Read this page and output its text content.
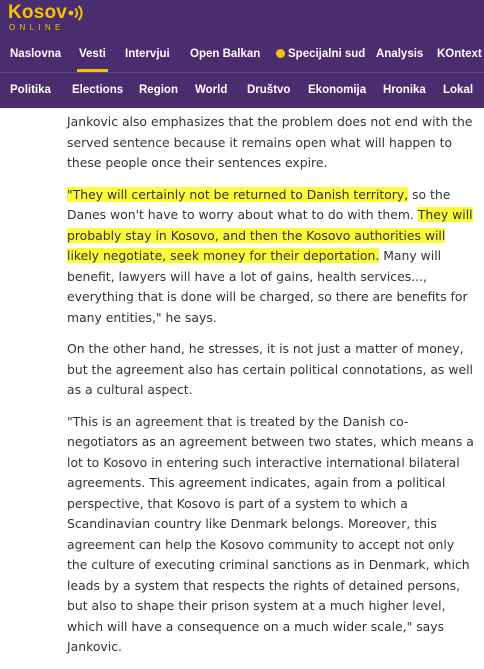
Kosov
ONLINE
Naslovna Vesti Intervjui Open Balkan
✓	Specijalni sud Analysis KOntext
Politika Elections Region World Društvo Ekonomija Hronika Lokal

Jankovic also emphasizes that the problem does not end with the served sentence because it remains open what will happen to these people once their sentences expire.

"They will certainly not be returned to Danish territory, so the Danes won't have to worry about what to do with them. They will probably stay in Kosovo, and then the Kosovo authorities will likely negotiate, seek money for their deportation. Many will benefit, lawyers will have a lot of gains, health services..., everything that is done will be charged, so there are benefits for many entities," he says.

On the other hand, he stresses, it is not just a matter of money, but the agreement also has certain political connotations, as well as a cultural aspect.

"This is an agreement that is treated by the Danish co-negotiators as an agreement between two states, which means a lot to Kosovo in entering such interactive international bilateral agreements. This agreement indicates, again from a political perspective, that Kosovo is part of a system to which a Scandinavian country like Denmark belongs. Moreover, this agreement can help the Kosovo community to accept not only the culture of executing criminal sanctions as in Denmark, which leads by a system that respects the rights of detained persons, but also to shape their prison system at a much higher level, which will have a consequence on a much wider scale," says Jankovic.
